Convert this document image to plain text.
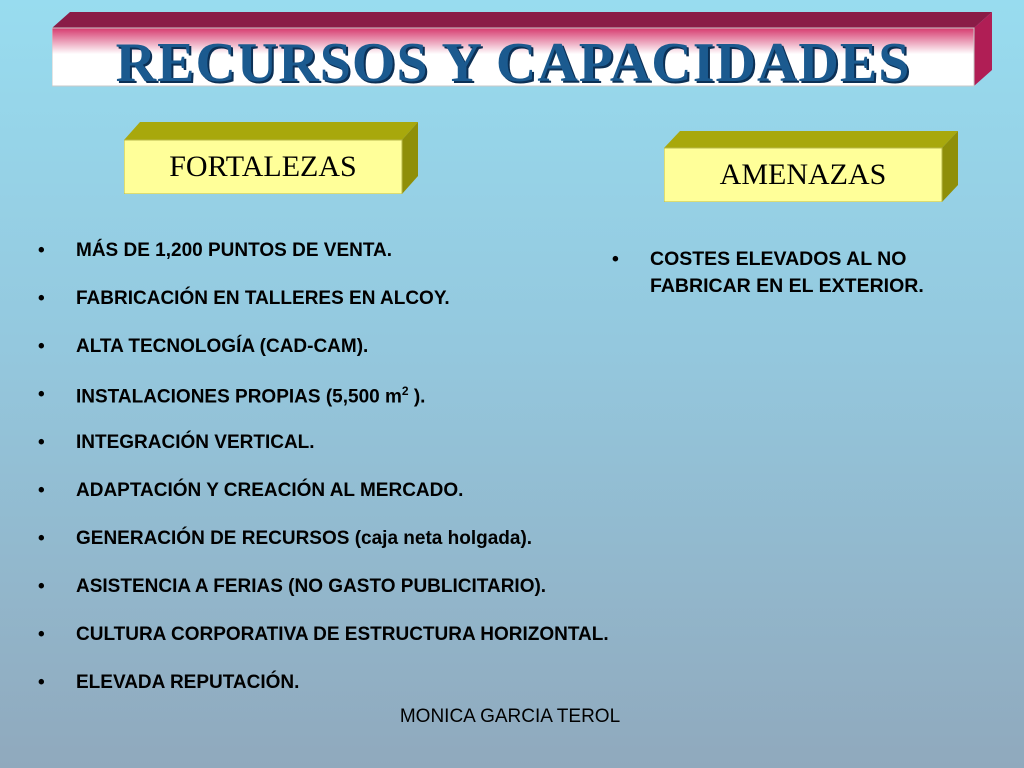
RECURSOS Y CAPACIDADES
FORTALEZAS	AMENAZAS
• MÁS DE 1,200 PUNTOS DE VENTA.
• FABRICACIÓN EN TALLERES EN ALCOY.
• ALTA TECNOLOGÍA (CAD-CAM).
• INSTALACIONES PROPIAS (5,500 $m^2$ ).
• INTEGRACIÓN VERTICAL.
• ADAPTACIÓN Y CREACIÓN AL MERCADO.
• GENERACIÓN DE RECURSOS (caja neta holgada).
• ASISTENCIA A FERIAS (NO GASTO PUBLICITARIO).
• CULTURA CORPORATIVA DE ESTRUCTURA HORIZONTAL.
• ELEVADA REPUTACIÓN.
• COSTES ELEVADOS AL NO FABRICAR EN EL EXTERIOR.
MONICA GARCIA TEROL
